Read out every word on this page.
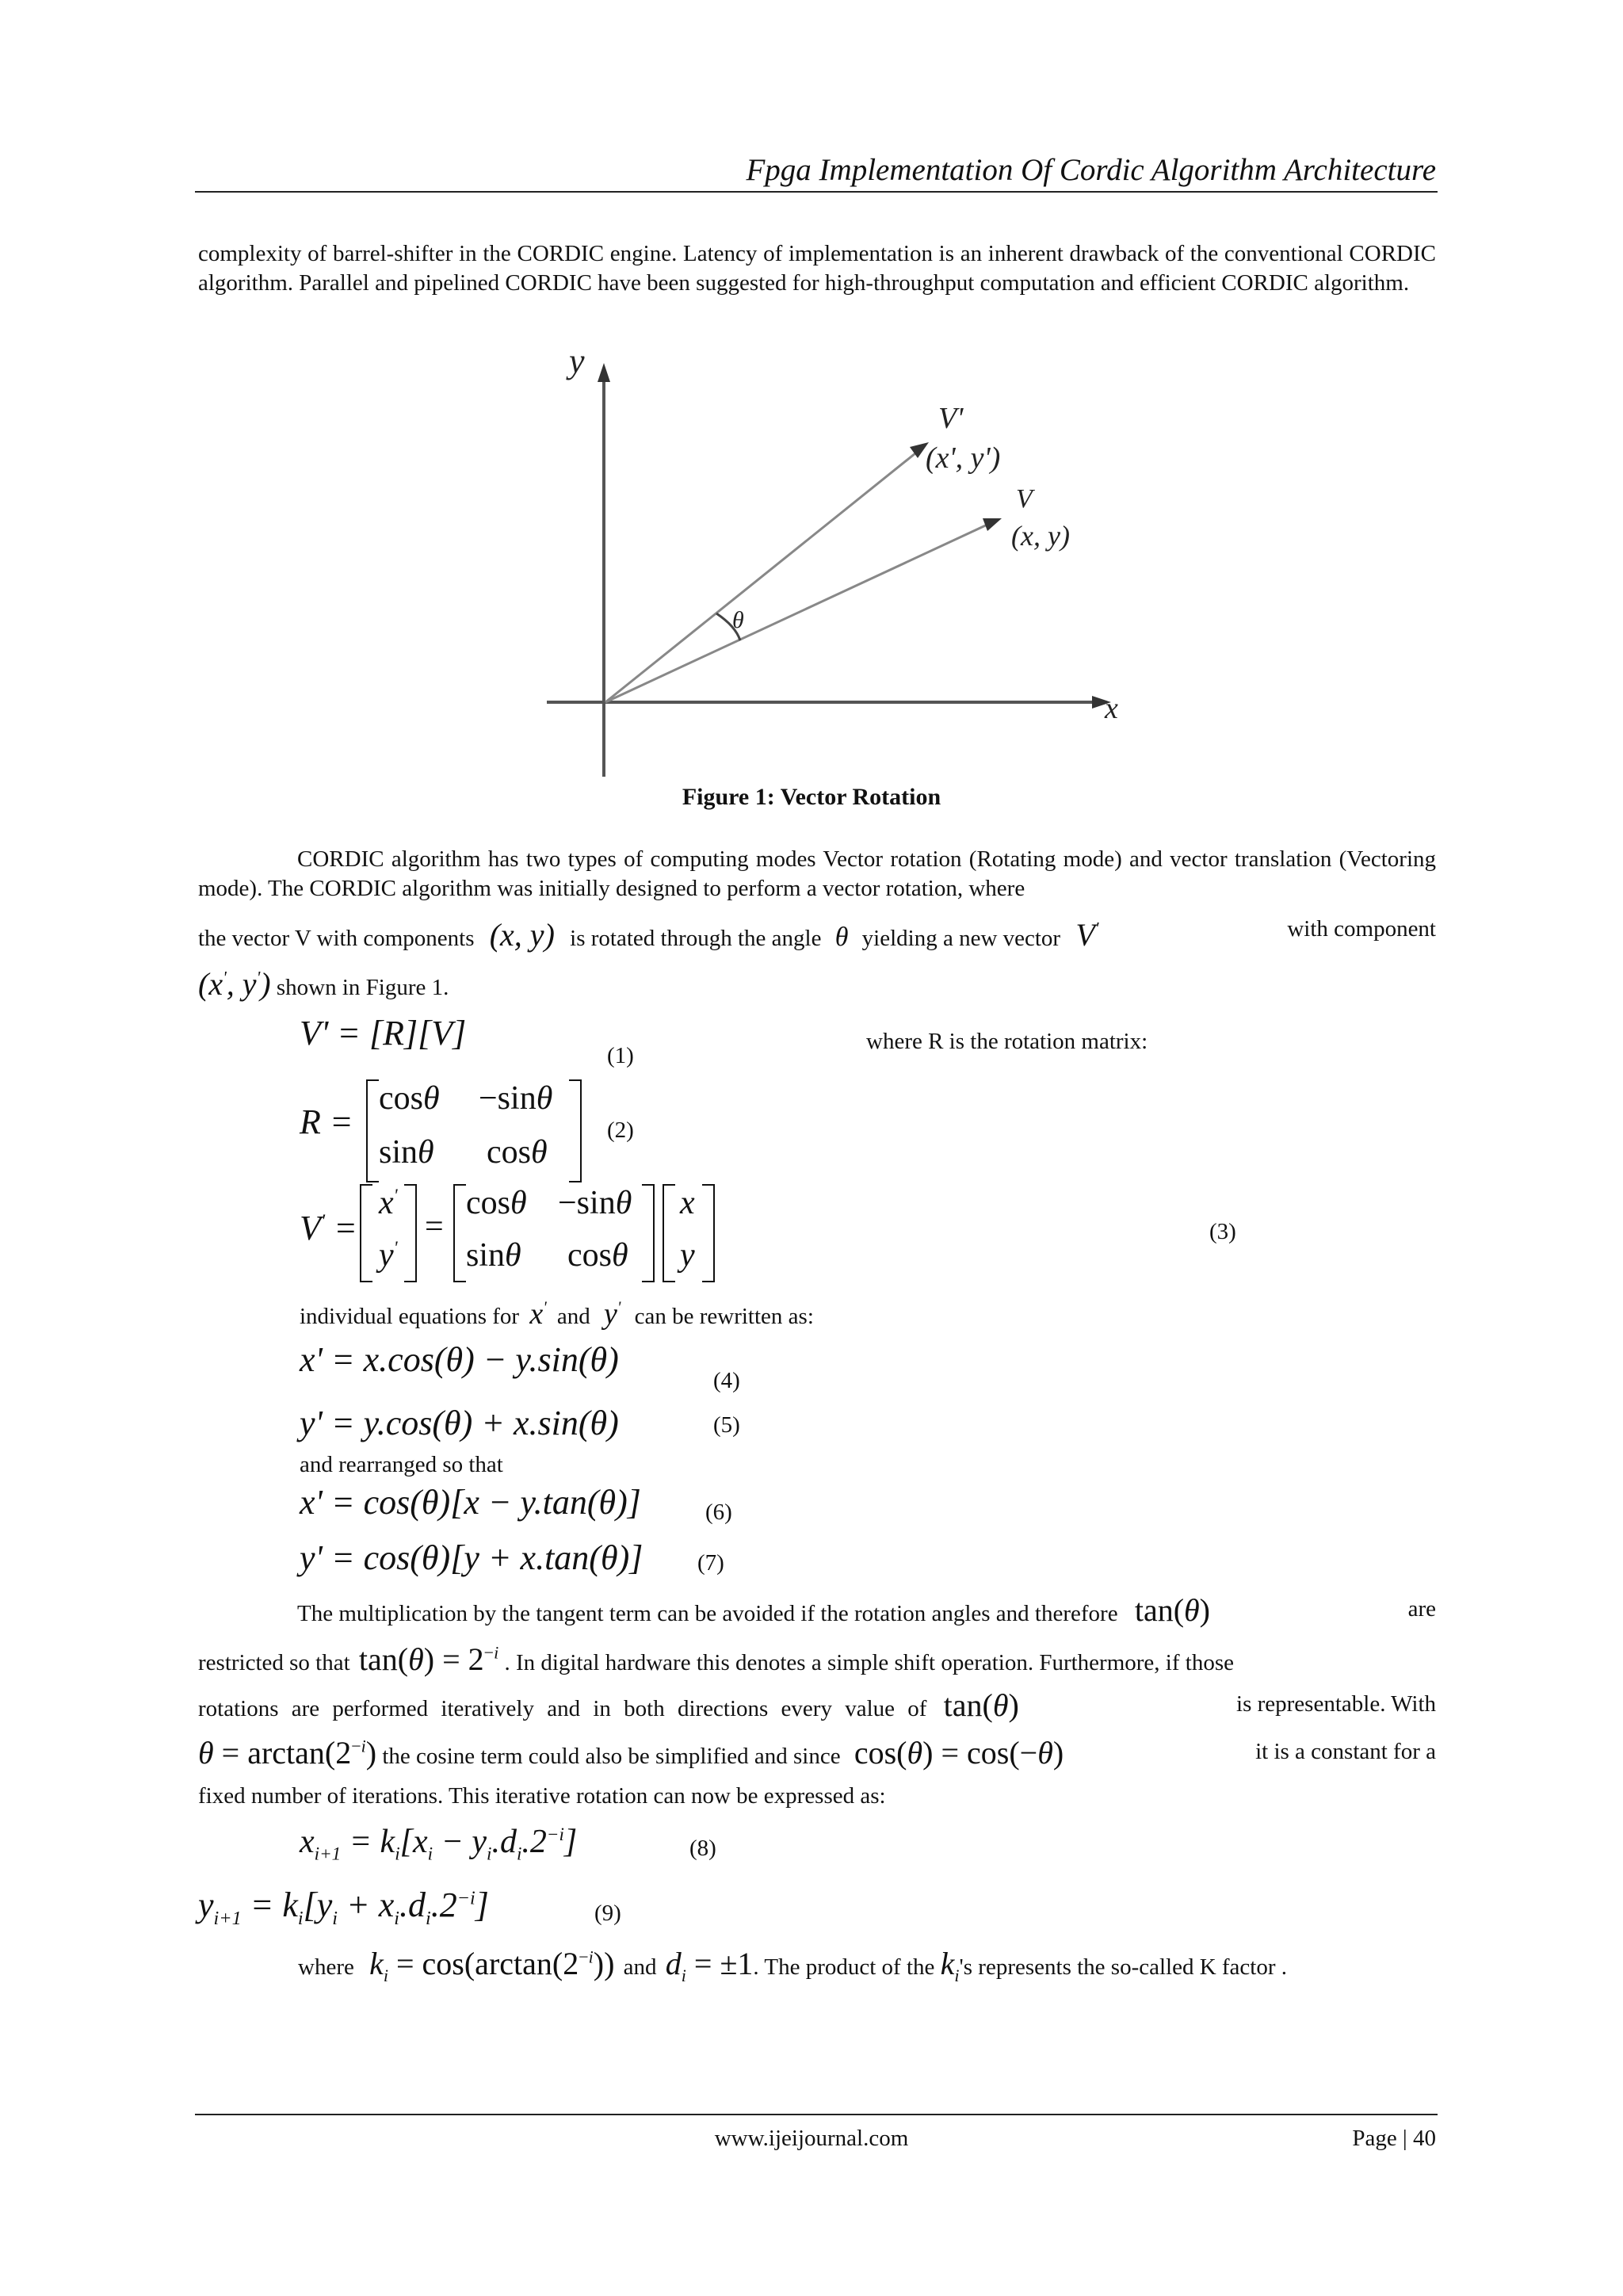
Fpga Implementation Of Cordic Algorithm Architecture
complexity of barrel-shifter in the CORDIC engine. Latency of implementation is an inherent drawback of the conventional CORDIC algorithm. Parallel and pipelined CORDIC have been suggested for high-throughput computation and efficient CORDIC algorithm.
y
x
V'
(x', y')
V
(x, y)
θ
Figure 1: Vector Rotation
CORDIC algorithm has two types of computing modes Vector rotation (Rotating mode) and vector translation (Vectoring mode). The CORDIC algorithm was initially designed to perform a vector rotation, where
the vector V with components (x, y) is rotated through the angle θ yielding a new vector V'	with component
(x', y') shown in Figure 1.
V' = [R][V]
(1)
where R is the rotation matrix:
R =
cosθ −sinθ
sinθ cosθ
(2)
V' =
x'
y'
=
cosθ −sinθ
sinθ cosθ
x
y
(3)
individual equations for x' and y' can be rewritten as:
x' = x.cos(θ) − y.sin(θ)
(4)
y' = y.cos(θ) + x.sin(θ)	(5)
and rearranged so that
x' = cos(θ)[x − y.tan(θ)]	(6)
y' = cos(θ)[y + x.tan(θ)] (7)
The multiplication by the tangent term can be avoided if the rotation angles and therefore tan(θ)	are
restricted so that $\tan(\theta) = 2^{-i}$ . In digital hardware this denotes a simple shift operation. Furthermore, if those
rotations are performed iteratively and in both directions every value of tan(θ)	is representable. With
$\theta = \arctan(2^{-i})$ the cosine term could also be simplified and since cos(θ) = cos(−θ)	it is a constant for a
fixed number of iterations. This iterative rotation can now be expressed as:
$x_{i+1} = k_i[x_i - y_i.d_i.2^{-i}]$	(8)
$y_{i+1} = k_i[y_i + x_i.d_i.2^{-i}]$	(9)
where $k_i = \cos(\arctan(2^{-i}))$ and $d_i = \pm 1$. The product of the $k_i's$ represents the so-called K factor .
www.ijeijournal.com	Page | 40
